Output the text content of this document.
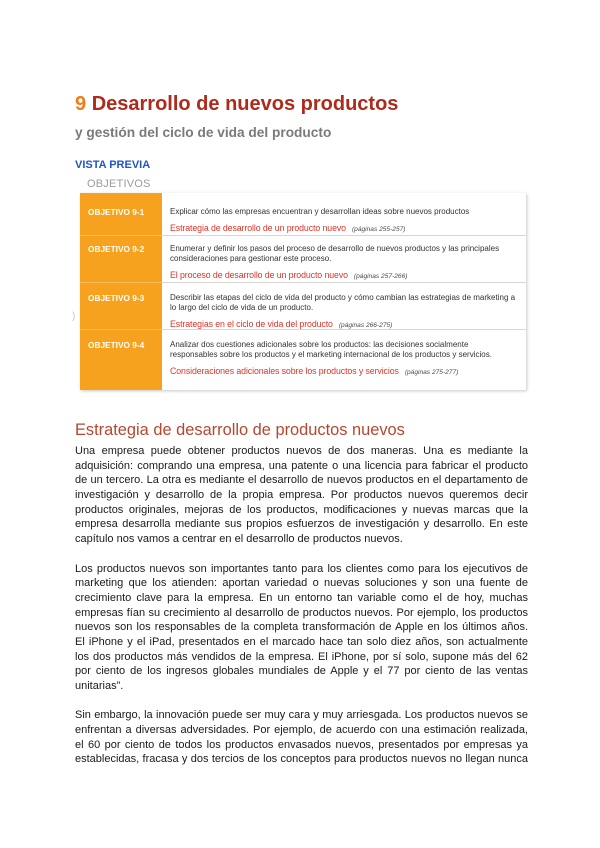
9 Desarrollo de nuevos productos
y gestión del ciclo de vida del producto
VISTA PREVIA
OBJETIVOS
OBJETIVO 9-1	Explicar cómo las empresas encuentran y desarrollan ideas sobre nuevos productos
Estrategia de desarrollo de un producto nuevo (páginas 255-257)
OBJETIVO 9-2	Enumerar y definir los pasos del proceso de desarrollo de nuevos productos y las principales
consideraciones para gestionar este proceso.
El proceso de desarrollo de un producto nuevo (páginas 257-266)
OBJETIVO 9-3	Describir las etapas del ciclo de vida del producto y cómo cambian las estrategias de marketing a
lo largo del ciclo de vida de un producto.
Estrategias en el ciclo de vida del producto (páginas 266-275)
OBJETIVO 9-4	Analizar dos cuestiones adicionales sobre los productos: las decisiones socialmente
responsables sobre los productos y el marketing internacional de los productos y servicios.
Consideraciones adicionales sobre los productos y servicios (páginas 275-277)
)
Estrategia de desarrollo de productos nuevos
Una empresa puede obtener productos nuevos de dos maneras. Una es mediante la
adquisición: comprando una empresa, una patente o una licencia para fabricar el producto
de un tercero. La otra es mediante el desarrollo de nuevos productos en el departamento de
investigación y desarrollo de la propia empresa. Por productos nuevos queremos decir
productos originales, mejoras de los productos, modificaciones y nuevas marcas que la
empresa desarrolla mediante sus propios esfuerzos de investigación y desarrollo. En este
capítulo nos vamos a centrar en el desarrollo de productos nuevos.
Los productos nuevos son importantes tanto para los clientes como para los ejecutivos de
marketing que los atienden: aportan variedad o nuevas soluciones y son una fuente de
crecimiento clave para la empresa. En un entorno tan variable como el de hoy, muchas
empresas fían su crecimiento al desarrollo de productos nuevos. Por ejemplo, los productos
nuevos son los responsables de la completa transformación de Apple en los últimos años.
El iPhone y el iPad, presentados en el marcado hace tan solo diez años, son actualmente
los dos productos más vendidos de la empresa. El iPhone, por sí solo, supone más del 62
por ciento de los ingresos globales mundiales de Apple y el 77 por ciento de las ventas
unitarias”.
Sin embargo, la innovación puede ser muy cara y muy arriesgada. Los productos nuevos se
enfrentan a diversas adversidades. Por ejemplo, de acuerdo con una estimación realizada,
el 60 por ciento de todos los productos envasados nuevos, presentados por empresas ya
establecidas, fracasa y dos tercios de los conceptos para productos nuevos no llegan nunca
